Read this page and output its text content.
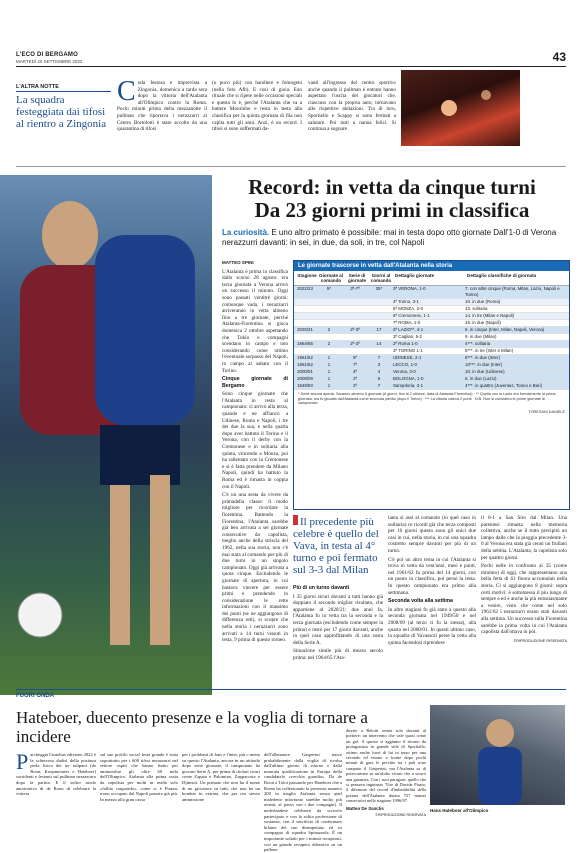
L'ECO DI BERGAMO
MARTEDÌ 20 SETTEMBRE 2022	43
L'ALTRA NOTTE
La squadra festeggiata dai tifosi al rientro a Zingonia
Coda festosa e imprevista a Zingonia, domenica a tarda sera dopo la vittoria dell'Atalanta all'Olimpico contro la Roma. Pochi minuti prima della mezzanotte il pullman che riportava i nerazzurri al Centro Bortolotti è stato accolto da una quarantina di tifosi
(o poco più) con bandiere e fumogeni (nella foto Afb). E così di gioia. Eun rituale che si ripete nelle occasioni speciali e questa lo è, perché l'Atalanta che va a battere Mourinho e resta in testa alla classifica per la quinta giornata di fila non capita tutti gli anni. Anzi, è un record. I tifosi si sono soffermati da-
vanti all'ingresso del centro sportivo anche quando il pullman è entrato hanno aspettato l'uscita dei giocatori che, ciascuno con la propria auto, tornavano alle rispettive abitazioni. Tra di loro, Sportiello e Scappy si sono fermati a salutare. Poi tutti a nanna felici. Si continua a sognare.
Record: in vetta da cinque turni
Da 23 giorni primi in classifica
La curiosità. E uno altro primato è possibile: mai in testa dopo otto giornate Dall'1-0 di Verona nerazzurri davanti: in sei, in due, da soli, in tre, col Napoli
MATTEO SPINI

L'Atalanta è prima in classifica dallo scorso 28 agosto: era terza giornata a Verona arrivò un successo il minuto. Oggi sono passati ventitré giorni: comunque vada, i nerazzurri arriveranno in vetta almeno fino a tre giornate, perché Atalanta-Fiorentina si gioca domenica 2 ottobre aspettando che Tokio e compagni scendano in campo e non considerando come ottimo l'eventuale sorpasso del Napoli, in campo al sabato con il Torino.

Cinque giornate di Bergamo

Sono cinque giornate che l'Atalanta in testa al campionato: ci arrivò alla terza, quando e ne affiancò a Udinese, Roma e Napoli, i tre dei due la sua, e nella quarta dopo aver battuto il Torino e il Verona, con il derby con la Cremonese e in solitaria alla quinta, vincendo a Monza, poi ha rallentato con la Cremonese e si è fatta prendere da Milano Napoli, quindi ha battuto la Roma ed è rimasta in coppia con il Napoli.

C'è un una sesta da vivere da primadella classe: il modo migliore per ricordare la fiorentina. Battendo la Fiorentina, l'Atalanta sarebbe già ben arrivata a sei giornate consecutive da capolista, meglio anche della striscia del 1962, nella sua storia, non c'è mai stata al comando per più di due turni in un singolo campionato. Oggi già arrivata a quota cinque. Escludendo le giornate di apertura, in cui bastava vincere per essere primi e prendendo in considerazione le rette informazioni con il massimo dei punti (se ne aggiungono di differenza reti), si scopre che nella storia i nerazzurri sono arrivati a 14 turni vissuti in testa, 9 prima di questo torneo.

Le giornate trascorse in vetta dall'Atalanta nella storia
Stagione Giornate al comando
Serie di giornate
Giorni al comando
Dettaglio giornate	Dettaglio classifiche di giornata
2022/23	5*	3ª-7ª	35*	3ª VERONA, 1-0	7. con altre cinque (Roma, Milan, Lazio, Napoli e Torino)
4ª Torino, 3-1	10. in due (Roma)
5ª MONZA, 2-0	13. solitaria
6ª Cremonese, 1-1	14. in tre (Milan e Napoli)
7ª ROMA, 1-0	15. in due (Napoli)
2020/21	2	2ª-3ª	17	2ª LAZIO**, 4-1	6. in cinque (Inter, Milan, Napoli, Verona)
3ª Cagliari, 5-2	9. in due (Milan)
1964/65	2	2ª-3ª	14	2ª Roma 1-0	4***. solitaria
3ª TORINO 1-1	5***. in tre (Inter e Milan)
1961/62	1	5ª	7	UDINESE, 2-1	8***. in due (Inter)
1961/62	1	7ª	3	LECCO, 1-0	10***. in due (Inter)
2000/01	1	4ª	4	Verona, 3-0	10. in due (Udinese)
2008/09	1	2ª	6	BOLOGNA, 1-0	6. in due (Lazio)
1949/50	1	2ª	7	Sampdoria, 3-1	4***. in quattro (Juventus, Torino e Bari)
* Serie ancora aperta. Saranno almeno 5 giornate (6 giorni, fino al 2 ottobre, data di Atalanta-Fiorentina) · ** Quella con la Lazio era formalmente la prima giornata, ma fu giocata dall'Atalanta come seconda partita (dopo il Torino) · *** La vittoria valeva 2 punti · N.B. Non si considera le prime giornate di campionato
TORESANI DANIELE
Il precedente più celebre è quello del Vava, in testa al 4° turno e poi fermato sul 3-3 dal Milan

Più di un turno davanti

I 35 giorni sicuri davanti a tutti hanno già doppiato il secondo miglior risultato, che appartiene al 2020/21: due anni fa, l'Atalanta fu in vetta tra la seconda e la terza giornata (escludendo come sempre la prima) e restò per 17 giorni davanti, anche in quel caso approfittando di una sosta della Serie A.

Situazione simile più di mezzo secolo prima: nel 1964/65 l'Ata-

lanta si assi al comando (in quel caso in solitaria) ce ricordi già che terza composti per 16 giorni questo sono gli unici due casi in cui, nella storia, in cui una squadra costretto sempre davanti per più di un turno.

C'è poi un altro tema in cui l'Atalanta si trova in vetta da vent'anni, mesi e punti, nel 1961/62 fu prima del 14 giorni, con un punto in classifica, poi perse la testa. In questo campionato era primo alla settimana.

Seconda volta alla settima

In altre stagioni fu già stato a questo alla seconda giornata nel 1949/50 e nel 2008/09 (al terzo ci fu la stessa), alla quarta nel 2000/01. In questi ultimo caso, la squadra di Vavassori perse la vetta alla quinta facendosi riprendere

il 0-1 a San Siro dal Milan. Una parentesi rimasta nella memoria collettiva, anche se il tutto precipitò un lampo dalle che la pioggia precedente 3-0 al Verona era stata già cenni un frullato della nebbia. L'Atalanta, la capolista solo per quattro giorni.

Pochi nelle in confronto ai 35 (come minimo) di oggi, che rappresentano una bella fetta di 61 finora accumulati nella storia. Ci si aggiungono 8 giorni: sopra certi motivi: è sottomessa il piu lungo di sempre e ed è anche la più entusiasmante a venire, visto che come nel solo 1961/62 i nerazzurri erano stati davanti alla settima. Un successo sulla Fiorentina sarebbe la prima volta in cui l'Atalanta capolista dall'ottava in poi.

©RIPRODUZIONE RISERVATA

FUORI ONDA
Hateboer, duecento presenze e la voglia di tornare a incidere
Parcheggia l'autobus edizione 2022 è la scherzosa dialisi della positura perla fisica dei tre tulipani (de Roon, Koopmeiners e Hateboer) sorridenti e festanti sul pullman nerazzurro dopo la partita. E il soltro modo autoironico di de Roon di celebrare la vittoria
sul suo profilo social festa grande è stata soprattutto per i 600 tifosi nerazzurri nel settore ospiti che hanno finito per ammutolire gli oltre 60 mila dell'Olimpico. Atalanta alla prima sosta da capolista per molti in realtà solo «fallito traguardo», come si è Piazza, trono occupato dal Napoli passato già più. In mezzo alla gran cassa
per i problemi di Jans e l'inter, più o meno su questo l'Atalanta, ancora in un attitudo dopo sette giornate, il campionato ha giocato Serie A, per prima di titolari sicuri come Zapata e Palomino, Zappacosta e Djimsiti. Un primato che non ha il nome di un giocatore su tutti, che non ha un bomber in vetrina, che per ora stesso ammissione
dell'allenatore Gasperini nasce probabilmente dalla voglia di rivalsa dall'ultimo giorno di ritorno e dalla mancata qualificazione in Europa della candidatela «vecchia guardia». Da de Roon a Toloi passando per Hateboer che a Roma ha collezionato la presenza numero 200 in maglia Atalanta senza quel maledetto infortunio sarebbe molto più avanti, al passo con i due compagni). Il nederlandese celebrerà da scrivolo partecipato e con la solita professione di sostanza, con il sacrificio di confermare bilante del suo dirimpettaio ed ex compagno di squadra Spinazzola. È un importante soltalo per i minuti recuperati, con un grande recupero difensivo su un pallone

diretto a Belotti ormai solo davanti al portiere: un intervento che vale quasi come un gol. A questo si aggiunto il ritorno da protagonista in grande stile di Sportiello, ottimo anche fuori di lui in terzo per una secondo ed estrato a fronte dopo pochi minuti di gara le pecchie tra i pali sono computo il Gasperini, ma l'Atalanta sa di potercontare su un'ululio sicuro che a sicuro una garanzia. Con i suoi paragoni, quello che si pensava inguinato 'Vito di Davide Pisato, il difensore del record d'imbattibilità della portata dell'Atalanta durata 757 minuti consecutivi nella stagione 1996/97.

Matteo De Sanctis

©RIPRODUZIONE RISERVATA

Hans Hateboer all'Olimpico
